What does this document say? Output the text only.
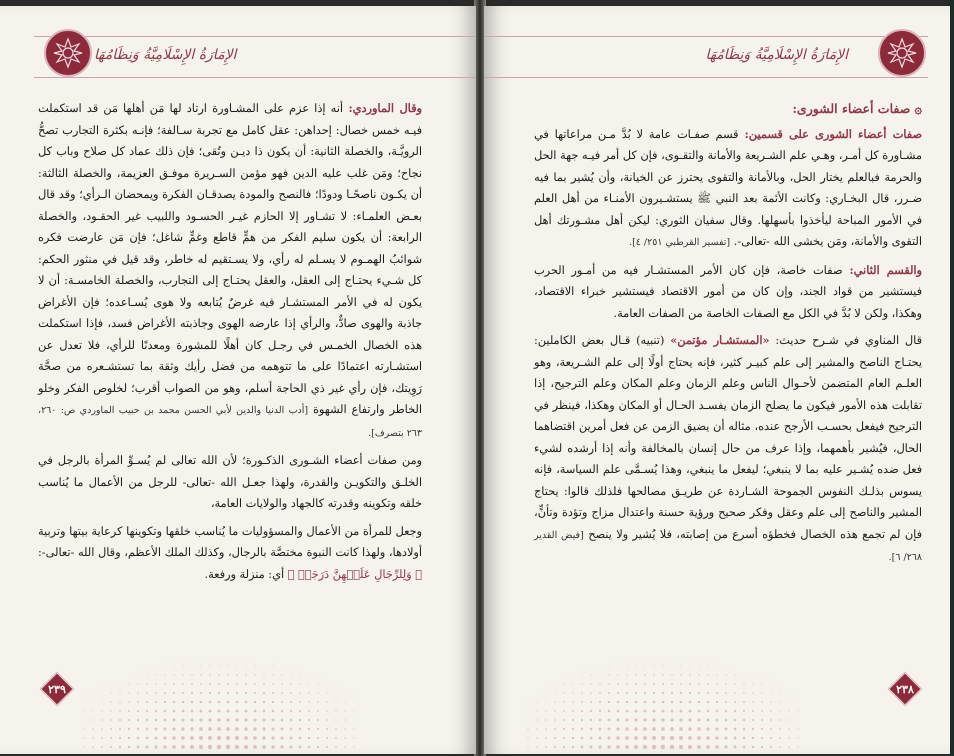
الإِمَارَةُ الإِسْلَامِيَّةُ وَنِظَامُهَا

وقال الماوردي: أنه إذا عزم على المشـاورة ارتاد لها مَن أهلها مَن قد استكملت فيـه خمس خصال: إحداهن: عقل كامل مع تجربة سـالفة؛ فإنـه بكثرة التجارب تصحُّ الرويَّـة، والخصلة الثانية: أن يكون ذا ديـن وتُقى؛ فإن ذلك عماد كل صلاح وباب كل نجاح؛ ومَن غلب عليه الدين فهو مؤمن السـريرة موفـق العزيمة، والخصلة الثالثة: أن يكـون ناصحًـا ودودًا؛ فالنصح والمودة يصدقـان الفكرة ويمحضان الـرأي؛ وقد قال بعـض العلمـاء: لا تشـاور إلا الحازم غيـر الحسـود واللبيب غير الحقـود، والخصلة الرابعة: أن يكون سليم الفكر من همٍّ قاطع وغمٍّ شاغل؛ فإن مَن عارضت فكره شوائبُ الهمـوم لا يسـلم له رأي، ولا يسـتقيم له خاطر، وقد قيل في منثور الحكم: كل شـيء يحتـاج إلى العقل، والعقل يحتـاج إلى التجارب، والخصلة الخامسـة: أن لا يكون له في الأمر المستشـار فيه غرضٌ يُتابعه ولا هوى يُسـاعده؛ فإن الأغراض جاذبة والهوى صادٌّ، والرأي إذا عارضه الهوى وجاذبته الأغراض فسد، فإذا استكملت هذه الخصال الخمـس في رجـل كان أهلًا للمشورة ومعدنًا للرأي، فلا تعدل عن استشـارته اعتمادًا على ما تتوهمه من فضل رأيك وثقة بما تستشـعره من صحَّة رَوِيتك، فإن رأي غير ذي الحاجة أسلم، وهو من الصواب أقرب؛ لخلوص الفكر وخلو الخاطر وارتفاع الشهوة [أدب الدنيا والدين لأبي الحسن محمد بن حبيب الماوردي ص: ٢٦٠، ٢٦٣ بتصرف].

ومن صفات أعضاء الشـورى الذكـورة؛ لأن الله تعالى لم يُسـوِّ المرأة بالرجل في الخلـق والتكويـن والقدرة، ولهذا جعـل الله -تعالى- للرجل من الأعمال ما يُناسب خلقه وتكوينه وقدرته كالجهاد والولايات العامة،

وجعل للمرأة من الأعمال والمسؤوليات ما يُناسب خلقها وتكوينها كرعاية بيتها وتربية أولادها، ولهذا كانت النبوة مختصَّة بالرجال، وكذلك الملك الأعظم، وقال الله -تعالى-: ﴿ وَلِلرِّجَالِ عَلَيۡهِنَّ دَرَجَةٞ ﴾ أي: منزلة ورفعة.

٢٣٩
الإِمَارَةُ الإِسْلَامِيَّةُ وَنِظَامُهَا
۞ صفات أعضاء الشورى:

صفات أعضاء الشورى على قسمين: قسم صفـات عامة لا بُدَّ مـن مراعاتها في مشـاورة كل أمـر، وهـي علم الشـريعة والأمانة والتقـوى، فإن كل أمر فيـه جهة الحل والحرمة فبالعلم يختار الحل، وبالأمانة والتقوى يحترز عن الخيانة، وأن يُشير بما فيه ضـرر، قال البخـاري: وكانت الأئمة بعد النبي ﷺ يستشـيرون الأمنـاء من أهل العلم في الأمور المباحة ليأخذوا بأسهلها. وقال سفيان الثوري: ليكن أهل مشـورتك أهل التقوى والأمانة، ومَن يخشى الله -تعالى-. [تفسير القرطبي ٢٥١/ ٤].

والقسم الثاني: صفات خاصة، فإن كان الأمر المستشـار فيه من أمـور الحرب فيستشير من قواد الجند، وإن كان من أمور الاقتصاد فيستشير خبراء الاقتصاد، وهكذا، ولكن لا بُدَّ في الكل مع الصفات الخاصة من الصفات العامة.

قال المناوي في شـرح حديث: «المستشـار مؤتمن» (تنبيه) قـال بعض الكاملين: يحتـاج الناصح والمشير إلى علم كبيـر كثير، فإنه يحتاج أولًا إلى علم الشـريعة، وهو العلـم العام المتضمن لأحـوال الناس وعلم الزمان وعلم المكان وعلم الترجيح، إذا تقابلت هذه الأمور فيكون ما يصلح الزمان يفسـد الحـال أو المكان وهكذا، فينظر في الترجيح فيفعل بحسـب الأرجح عنده، مثاله أن يضيق الزمن عن فعل أمرين اقتضاهما الحال، فيُشير بأهمهما، وإذا عرف من حال إنسان بالمخالفة وأنه إذا أرشده لشيء فعل ضده يُشـير عليه بما لا ينبغي؛ ليفعل ما ينبغي، وهذا يُسـمَّى علم السياسة، فإنه يسوس بذلـك النفوس الجموحة الشـاردة عن طريـق مصالحها فلذلك قالوا: يحتاج المشير والناصح إلى علم وعقل وفكر صحيح ورؤية حسنة واعتدال مزاج وتؤدة وتأنٍّ، فإن لم تجمع هذه الخصال فخطؤه أسرع من إصابته، فلا يُشير ولا ينصح [فيض القدير ٢٦٨/ ٦].

٢٣٨
